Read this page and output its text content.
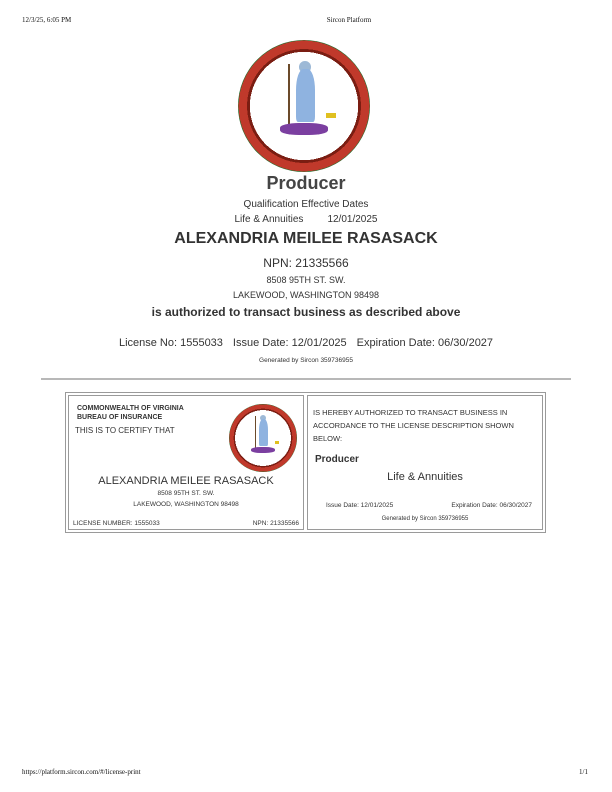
12/3/25, 6:05 PM	Sircon Platform
Producer
Qualification Effective Dates
Life & Annuities 12/01/2025
ALEXANDRIA MEILEE RASASACK
NPN: 21335566
8508 95TH ST. SW.
LAKEWOOD, WASHINGTON 98498
is authorized to transact business as described above
License No: 1555033 Issue Date: 12/01/2025 Expiration Date: 06/30/2027
Generated by Sircon 359736955
COMMONWEALTH OF VIRGINIA
BUREAU OF INSURANCE
THIS IS TO CERTIFY THAT
ALEXANDRIA MEILEE RASASACK
8508 95TH ST. SW.
LAKEWOOD, WASHINGTON 98498
LICENSE NUMBER: 1555033	NPN: 21335566
IS HEREBY AUTHORIZED TO TRANSACT BUSINESS IN ACCORDANCE TO THE LICENSE DESCRIPTION SHOWN BELOW:
Producer
Life & Annuities
Issue Date: 12/01/2025	Expiration Date: 06/30/2027
Generated by Sircon 359736955
https://platform.sircon.com/#/license-print	1/1
